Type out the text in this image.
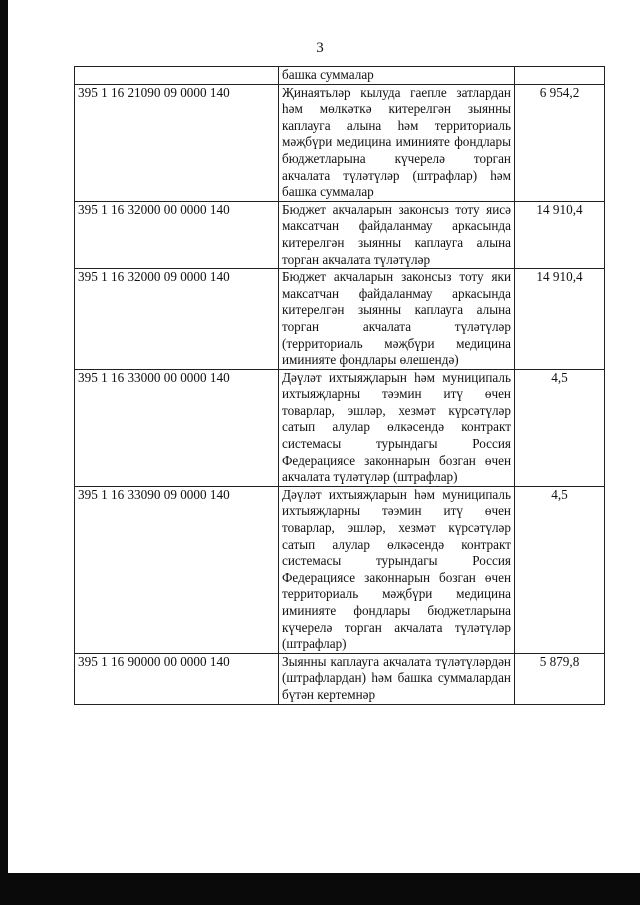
3
	башка суммалар	
395 1 16 21090 09 0000 140	Җинаятьләр кылуда гаепле затлардан һәм мөлкәткә китерелгән зыянны каплауга алына һәм территориаль мәҗбүри медицина иминияте фондлары бюджетларына күчерелә торган акчалата түләтүләр (штрафлар) һәм башка суммалар	6 954,2
395 1 16 32000 00 0000 140	Бюджет акчаларын законсыз тоту яисә максатчан файдаланмау аркасында китерелгән зыянны каплауга алына торган акчалата түләтүләр	14 910,4
395 1 16 32000 09 0000 140	Бюджет акчаларын законсыз тоту яки максатчан файдаланмау аркасында китерелгән зыянны каплауга алына торган акчалата түләтүләр (территориаль мәҗбүри медицина иминияте фондлары өлешендә)	14 910,4
395 1 16 33000 00 0000 140	Дәүләт ихтыяҗларын һәм муниципаль ихтыяҗларны тәэмин итү өчен товарлар, эшләр, хезмәт күрсәтүләр сатып алулар өлкәсендә контракт системасы турындагы Россия Федерациясе законнарын бозган өчен акчалата түләтүләр (штрафлар)	4,5
395 1 16 33090 09 0000 140	Дәүләт ихтыяҗларын һәм муниципаль ихтыяҗларны тәэмин итү өчен товарлар, эшләр, хезмәт күрсәтүләр сатып алулар өлкәсендә контракт системасы турындагы Россия Федерациясе законнарын бозган өчен территориаль мәҗбүри медицина иминияте фондлары бюджетларына күчерелә торган акчалата түләтүләр (штрафлар)	4,5
395 1 16 90000 00 0000 140	Зыянны каплауга акчалата түләтүләрдән (штрафлардан) һәм башка суммалардан бүтән кертемнәр	5 879,8
